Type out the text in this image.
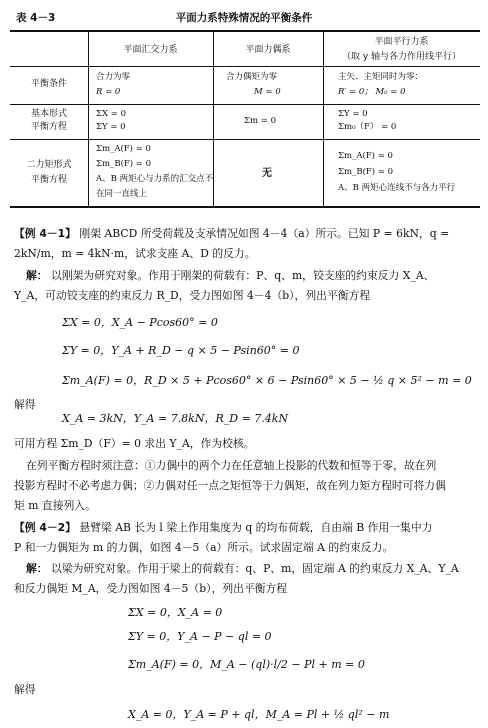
表 4－3	平面力系特殊情况的平衡条件
平面汇交力系	平面力偶系
平面平行力系
（取 y 轴与各力作用线平行）
平衡条件
合力为零
R = 0
合力偶矩为零
M = 0
主矢、主矩同时为零：
R′ = 0； M₀ = 0
基本形式
平衡方程
ΣX = 0
ΣY = 0
Σm = 0
ΣY = 0
Σm₀（F） = 0
二力矩形式
平衡方程
Σm_A(F) = 0
Σm_B(F) = 0
A、B 两矩心与力系的汇交点不
在同一直线上
无
Σm_A(F) = 0
Σm_B(F) = 0
A、B 两矩心连线不与各力平行
【例 4－1】 刚架 ABCD 所受荷载及支承情况如图 4－4（a）所示。已知 P = 6kN，q =
2kN/m，m = 4kN·m，试求支座 A、D 的反力。
解： 以刚架为研究对象。作用于刚架的荷载有：P、q、m，铰支座的约束反力 X_A、
Y_A，可动铰支座的约束反力 R_D，受力图如图 4－4（b），列出平衡方程
ΣX = 0，X_A − Pcos60° = 0
ΣY = 0，Y_A + R_D − q × 5 − Psin60° = 0
Σm_A(F) = 0，R_D × 5 + Pcos60° × 6 − Psin60° × 5 − ½ q × 5² − m = 0
解得
X_A = 3kN，Y_A = 7.8kN，R_D = 7.4kN
可用方程 Σm_D（F）= 0 求出 Y_A，作为校核。
在列平衡方程时须注意：①力偶中的两个力在任意轴上投影的代数和恒等于零，故在列
投影方程时不必考虑力偶；②力偶对任一点之矩恒等于力偶矩，故在列力矩方程时可将力偶
矩 m 直接列入。
【例 4－2】 悬臂梁 AB 长为 l 梁上作用集度为 q 的均布荷载，自由端 B 作用一集中力
P 和一力偶矩为 m 的力偶，如图 4－5（a）所示。试求固定端 A 的约束反力。
解： 以梁为研究对象。作用于梁上的荷载有：q、P、m，固定端 A 的约束反力 X_A、Y_A
和反力偶矩 M_A，受力图如图 4－5（b），列出平衡方程
ΣX = 0，X_A = 0
ΣY = 0，Y_A − P − ql = 0
Σm_A(F) = 0，M_A − (ql)·l/2 − Pl + m = 0
解得
X_A = 0，Y_A = P + ql，M_A = Pl + ½ ql² − m
